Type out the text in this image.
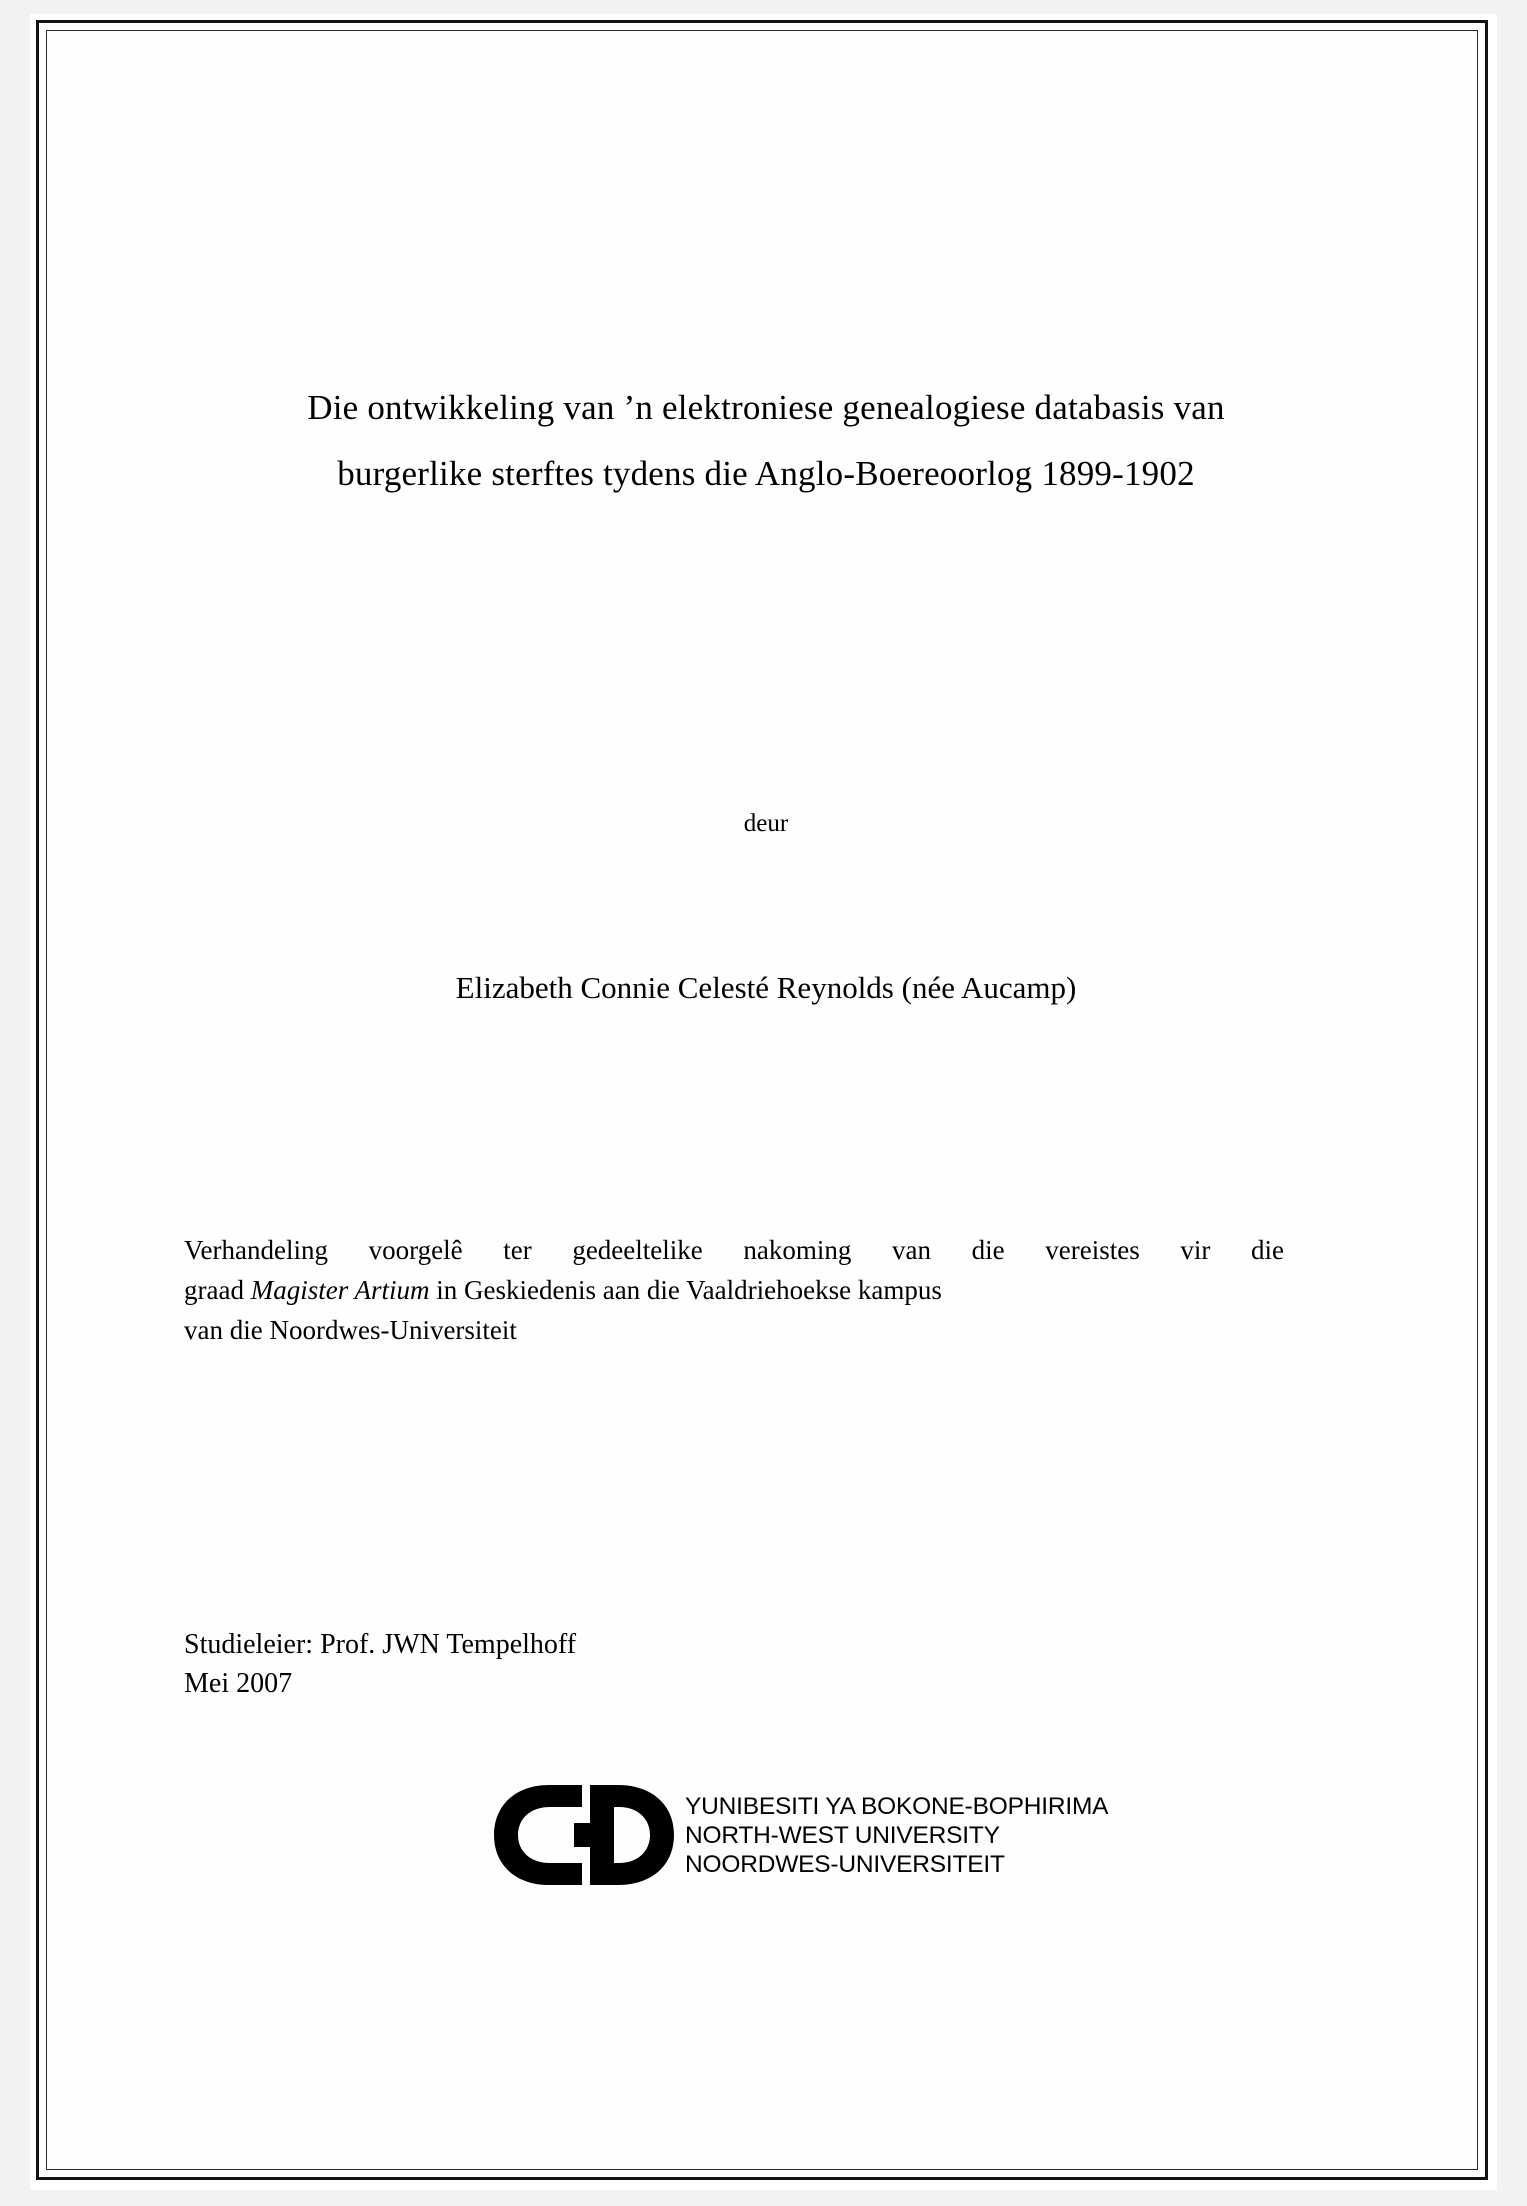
Die ontwikkeling van ’n elektroniese genealogiese databasis van
burgerlike sterftes tydens die Anglo-Boereoorlog 1899-1902
deur
Elizabeth Connie Celesté Reynolds (née Aucamp)

Verhandeling voorgelê ter gedeeltelike nakoming van die vereistes vir die

graad Magister Artium in Geskiedenis aan die Vaaldriehoekse kampus

van die Noordwes-Universiteit

Studieleier: Prof. JWN Tempelhoff

Mei 2007

YUNIBESITI YA BOKONE-BOPHIRIMA
NORTH-WEST UNIVERSITY
NOORDWES-UNIVERSITEIT
